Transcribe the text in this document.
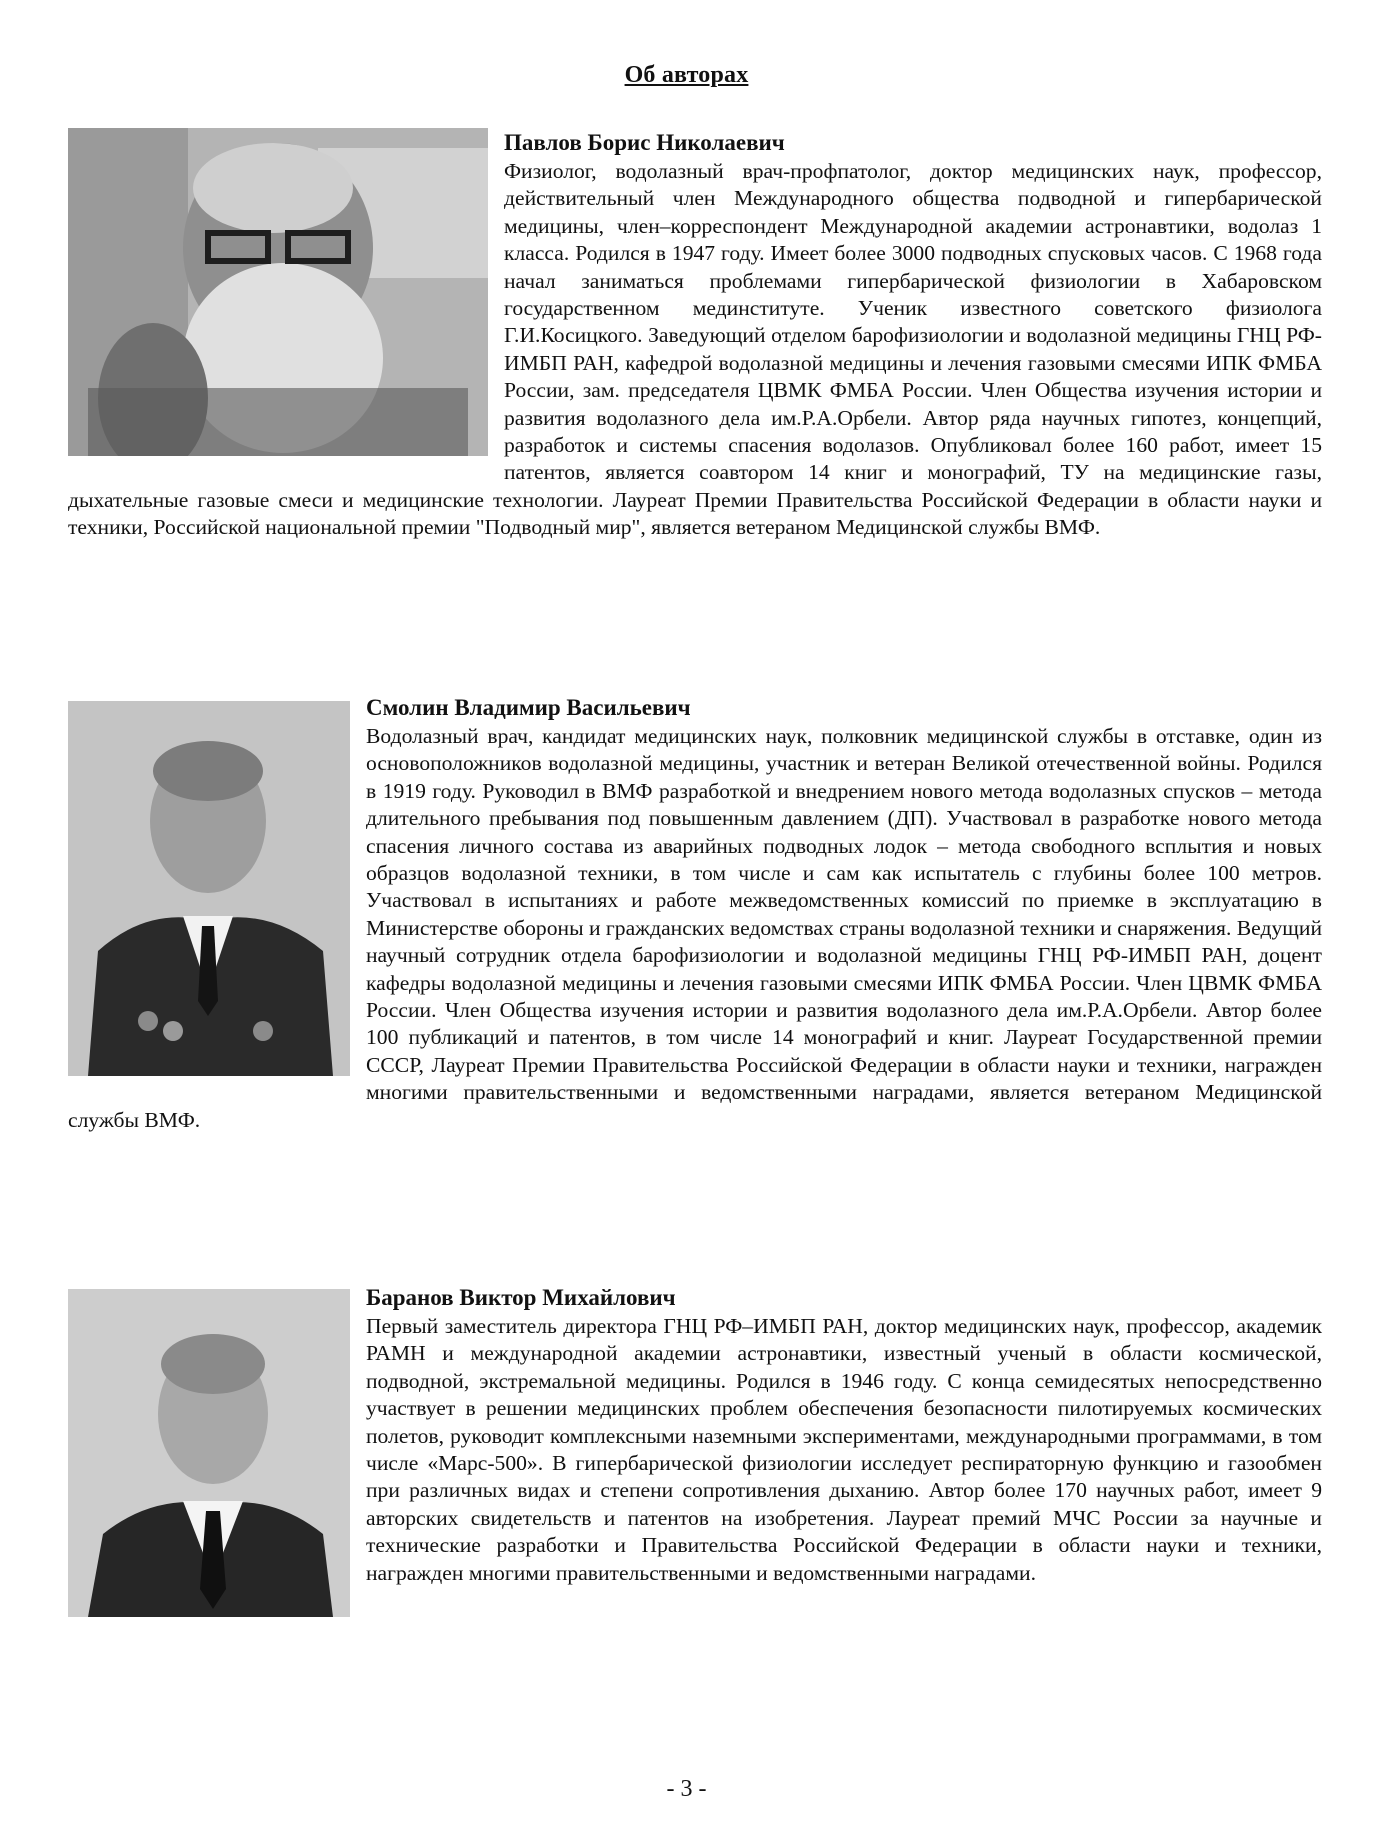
Об авторах
Павлов Борис Николаевич
Физиолог, водолазный врач-профпатолог, доктор медицинских наук, профессор, действительный член Международного общества подводной и гипербарической медицины, член–корреспондент Международной академии астронавтики, водолаз 1 класса. Родился в 1947 году. Имеет более 3000 подводных спусковых часов. С 1968 года начал заниматься проблемами гипербарической физиологии в Хабаровском государственном мединституте. Ученик известного советского физиолога Г.И.Косицкого. Заведующий отделом барофизиологии и водолазной медицины ГНЦ РФ-ИМБП РАН, кафедрой водолазной медицины и лечения газовыми смесями ИПК ФМБА России, зам. председателя ЦВМК ФМБА России. Член Общества изучения истории и развития водолазного дела им.Р.А.Орбели. Автор ряда научных гипотез, концепций, разработок и системы спасения водолазов. Опубликовал более 160 работ, имеет 15 патентов, является соавтором 14 книг и монографий, ТУ на медицинские газы, дыхательные газовые смеси и медицинские технологии. Лауреат Премии Правительства Российской Федерации в области науки и техники, Российской национальной премии "Подводный мир", является ветераном Медицинской службы ВМФ.
Смолин Владимир Васильевич
Водолазный врач, кандидат медицинских наук, полковник медицинской службы в отставке, один из основоположников водолазной медицины, участник и ветеран Великой отечественной войны. Родился в 1919 году. Руководил в ВМФ разработкой и внедрением нового метода водолазных спусков – метода длительного пребывания под повышенным давлением (ДП). Участвовал в разработке нового метода спасения личного состава из аварийных подводных лодок – метода свободного всплытия и новых образцов водолазной техники, в том числе и сам как испытатель с глубины более 100 метров. Участвовал в испытаниях и работе межведомственных комиссий по приемке в эксплуатацию в Министерстве обороны и гражданских ведомствах страны водолазной техники и снаряжения. Ведущий научный сотрудник отдела барофизиологии и водолазной медицины ГНЦ РФ-ИМБП РАН, доцент кафедры водолазной медицины и лечения газовыми смесями ИПК ФМБА России. Член ЦВМК ФМБА России. Член Общества изучения истории и развития водолазного дела им.Р.А.Орбели. Автор более 100 публикаций и патентов, в том числе 14 монографий и книг. Лауреат Государственной премии СССР, Лауреат Премии Правительства Российской Федерации в области науки и техники, награжден многими правительственными и ведомственными наградами, является ветераном Медицинской службы ВМФ.
Баранов Виктор Михайлович
Первый заместитель директора ГНЦ РФ–ИМБП РАН, доктор медицинских наук, профессор, академик РАМН и международной академии астронавтики, известный ученый в области космической, подводной, экстремальной медицины. Родился в 1946 году. С конца семидесятых непосредственно участвует в решении медицинских проблем обеспечения безопасности пилотируемых космических полетов, руководит комплексными наземными экспериментами, международными программами, в том числе «Марс-500». В гипербарической физиологии исследует респираторную функцию и газообмен при различных видах и степени сопротивления дыханию. Автор более 170 научных работ, имеет 9 авторских свидетельств и патентов на изобретения. Лауреат премий МЧС России за научные и технические разработки и Правительства Российской Федерации в области науки и техники, награжден многими правительственными и ведомственными наградами.
- 3 -
